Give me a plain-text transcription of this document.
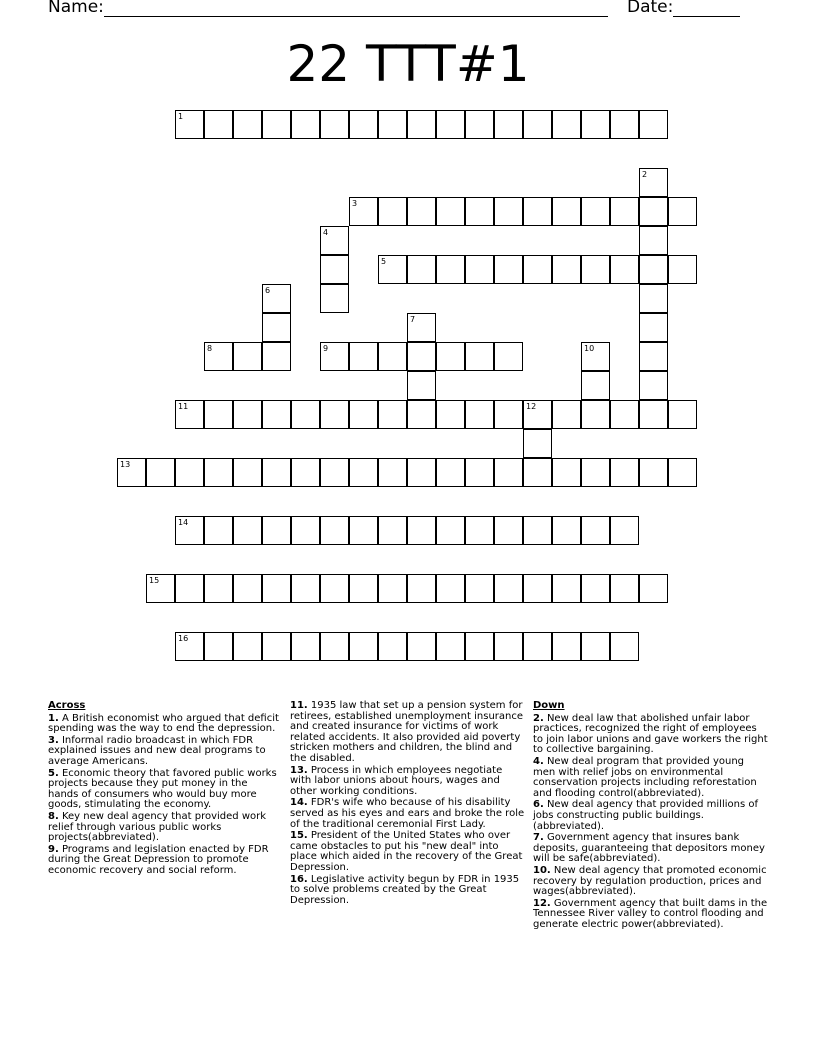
Name:	Date:
22 TTT#1
1
3
5
8	9
11	12
13
14
15
16
2
4
6
7
10
Across
1. A British economist who argued that deficit spending was the way to end the depression.
3. Informal radio broadcast in which FDR explained issues and new deal programs to average Americans.
5. Economic theory that favored public works projects because they put money in the hands of consumers who would buy more goods, stimulating the economy.
8. Key new deal agency that provided work relief through various public works projects(abbreviated).
9. Programs and legislation enacted by FDR during the Great Depression to promote economic recovery and social reform.
11. 1935 law that set up a pension system for retirees, established unemployment insurance and created insurance for victims of work related accidents. It also provided aid poverty stricken mothers and children, the blind and the disabled.
13. Process in which employees negotiate with labor unions about hours, wages and other working conditions.
14. FDR's wife who because of his disability served as his eyes and ears and broke the role of the traditional ceremonial First Lady.
15. President of the United States who over came obstacles to put his "new deal" into place which aided in the recovery of the Great Depression.
16. Legislative activity begun by FDR in 1935 to solve problems created by the Great Depression.
Down
2. New deal law that abolished unfair labor practices, recognized the right of employees to join labor unions and gave workers the right to collective bargaining.
4. New deal program that provided young men with relief jobs on environmental conservation projects including reforestation and flooding control(abbreviated).
6. New deal agency that provided millions of jobs constructing public buildings.(abbreviated).
7. Government agency that insures bank deposits, guaranteeing that depositors money will be safe(abbreviated).
10. New deal agency that promoted economic recovery by regulation production, prices and wages(abbreviated).
12. Government agency that built dams in the Tennessee River valley to control flooding and generate electric power(abbreviated).
